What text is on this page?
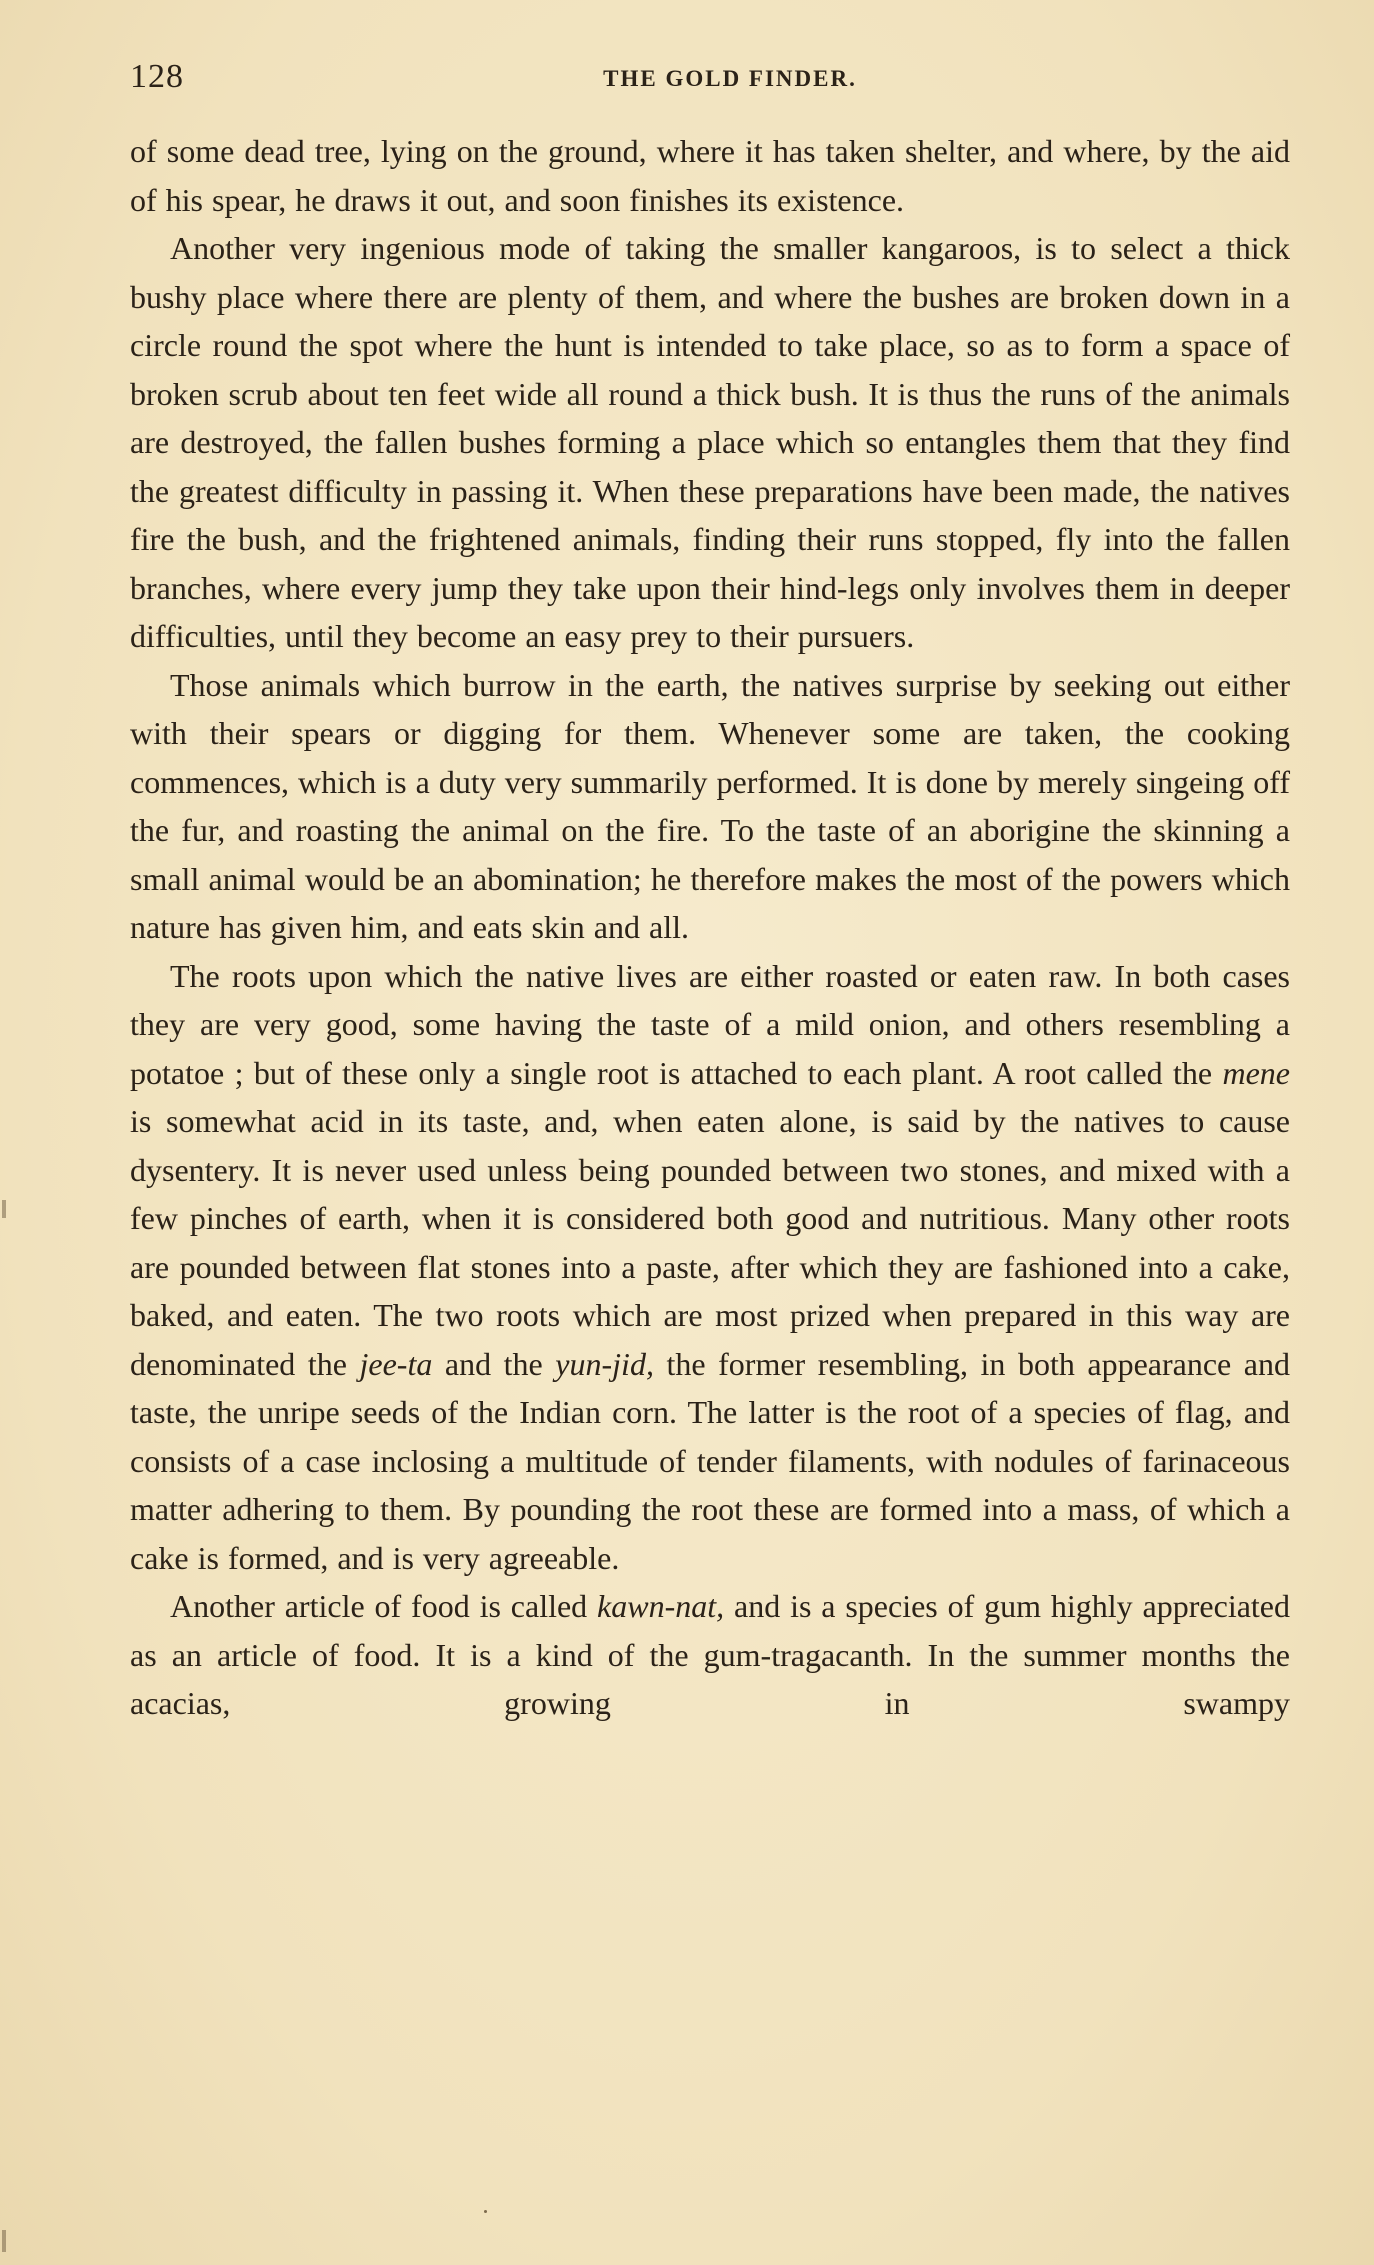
128	THE GOLD FINDER.

of some dead tree, lying on the ground, where it has taken shelter, and where, by the aid of his spear, he draws it out, and soon finishes its existence.

Another very ingenious mode of taking the smaller kangaroos, is to select a thick bushy place where there are plenty of them, and where the bushes are broken down in a circle round the spot where the hunt is intended to take place, so as to form a space of broken scrub about ten feet wide all round a thick bush. It is thus the runs of the animals are destroyed, the fallen bushes forming a place which so entangles them that they find the greatest difficulty in passing it. When these preparations have been made, the natives fire the bush, and the frightened animals, finding their runs stopped, fly into the fallen branches, where every jump they take upon their hind-legs only involves them in deeper difficulties, until they become an easy prey to their pursuers.

Those animals which burrow in the earth, the natives surprise by seeking out either with their spears or digging for them. Whenever some are taken, the cooking commences, which is a duty very summarily performed. It is done by merely singeing off the fur, and roasting the animal on the fire. To the taste of an aborigine the skinning a small animal would be an abomination; he therefore makes the most of the powers which nature has given him, and eats skin and all.

The roots upon which the native lives are either roasted or eaten raw. In both cases they are very good, some having the taste of a mild onion, and others resembling a potatoe ; but of these only a single root is attached to each plant. A root called the mene is somewhat acid in its taste, and, when eaten alone, is said by the natives to cause dysentery. It is never used unless being pounded between two stones, and mixed with a few pinches of earth, when it is considered both good and nutritious. Many other roots are pounded between flat stones into a paste, after which they are fashioned into a cake, baked, and eaten. The two roots which are most prized when prepared in this way are denominated the jee-ta and the yun-jid, the former resembling, in both appearance and taste, the unripe seeds of the Indian corn. The latter is the root of a species of flag, and consists of a case inclosing a multitude of tender filaments, with nodules of farinaceous matter adhering to them. By pounding the root these are formed into a mass, of which a cake is formed, and is very agreeable.

Another article of food is called kawn-nat, and is a species of gum highly appreciated as an article of food. It is a kind of the gum-tragacanth. In the summer months the acacias, growing in swampy
